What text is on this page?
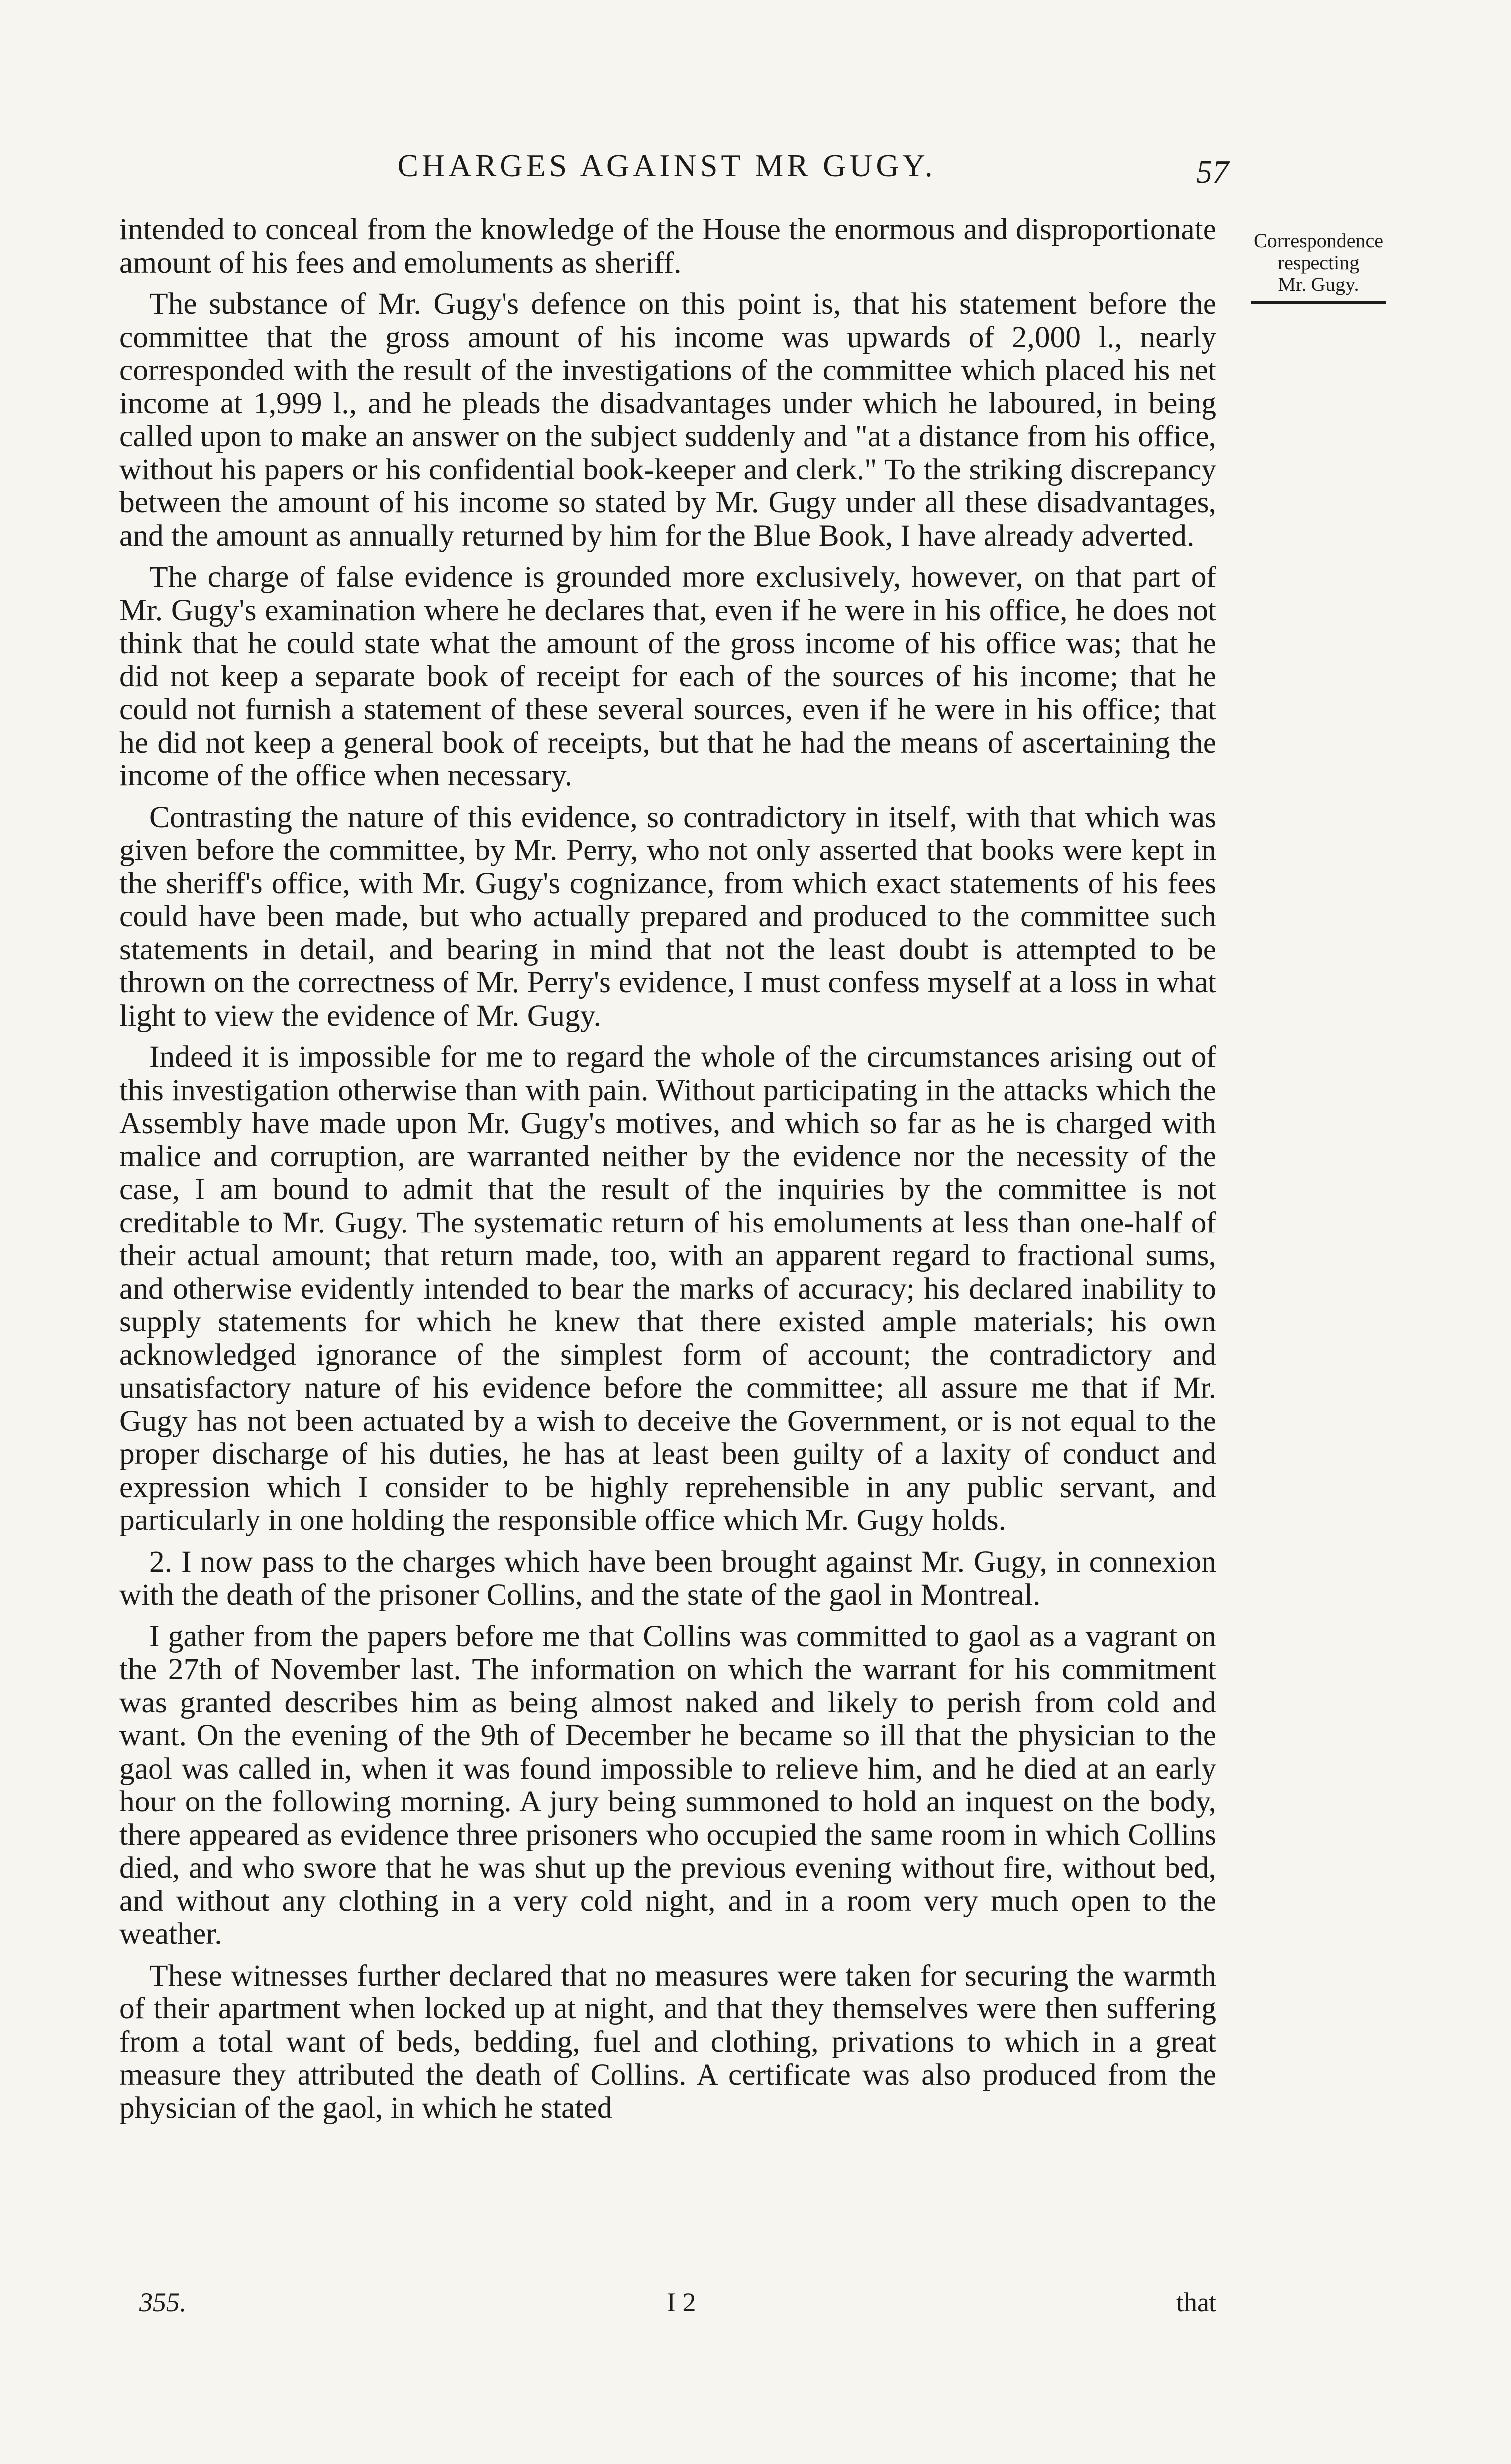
CHARGES AGAINST MR GUGY.	57
Correspondence
respecting
Mr. Gugy.

intended to conceal from the knowledge of the House the enormous and disproportionate amount of his fees and emoluments as sheriff.

The substance of Mr. Gugy's defence on this point is, that his statement before the committee that the gross amount of his income was upwards of 2,000 l., nearly corresponded with the result of the investigations of the committee which placed his net income at 1,999 l., and he pleads the disadvantages under which he laboured, in being called upon to make an answer on the subject suddenly and "at a distance from his office, without his papers or his confidential book-keeper and clerk." To the striking discrepancy between the amount of his income so stated by Mr. Gugy under all these disadvantages, and the amount as annually returned by him for the Blue Book, I have already adverted.

The charge of false evidence is grounded more exclusively, however, on that part of Mr. Gugy's examination where he declares that, even if he were in his office, he does not think that he could state what the amount of the gross income of his office was; that he did not keep a separate book of receipt for each of the sources of his income; that he could not furnish a statement of these several sources, even if he were in his office; that he did not keep a general book of receipts, but that he had the means of ascertaining the income of the office when necessary.

Contrasting the nature of this evidence, so contradictory in itself, with that which was given before the committee, by Mr. Perry, who not only asserted that books were kept in the sheriff's office, with Mr. Gugy's cognizance, from which exact statements of his fees could have been made, but who actually prepared and produced to the committee such statements in detail, and bearing in mind that not the least doubt is attempted to be thrown on the correctness of Mr. Perry's evidence, I must confess myself at a loss in what light to view the evidence of Mr. Gugy.

Indeed it is impossible for me to regard the whole of the circumstances arising out of this investigation otherwise than with pain. Without participating in the attacks which the Assembly have made upon Mr. Gugy's motives, and which so far as he is charged with malice and corruption, are warranted neither by the evidence nor the necessity of the case, I am bound to admit that the result of the inquiries by the committee is not creditable to Mr. Gugy. The systematic return of his emoluments at less than one-half of their actual amount; that return made, too, with an apparent regard to fractional sums, and otherwise evidently intended to bear the marks of accuracy; his declared inability to supply statements for which he knew that there existed ample materials; his own acknowledged ignorance of the simplest form of account; the contradictory and unsatisfactory nature of his evidence before the committee; all assure me that if Mr. Gugy has not been actuated by a wish to deceive the Government, or is not equal to the proper discharge of his duties, he has at least been guilty of a laxity of conduct and expression which I consider to be highly reprehensible in any public servant, and particularly in one holding the responsible office which Mr. Gugy holds.

2. I now pass to the charges which have been brought against Mr. Gugy, in connexion with the death of the prisoner Collins, and the state of the gaol in Montreal.

I gather from the papers before me that Collins was committed to gaol as a vagrant on the 27th of November last. The information on which the warrant for his commitment was granted describes him as being almost naked and likely to perish from cold and want. On the evening of the 9th of December he became so ill that the physician to the gaol was called in, when it was found impossible to relieve him, and he died at an early hour on the following morning. A jury being summoned to hold an inquest on the body, there appeared as evidence three prisoners who occupied the same room in which Collins died, and who swore that he was shut up the previous evening without fire, without bed, and without any clothing in a very cold night, and in a room very much open to the weather.

These witnesses further declared that no measures were taken for securing the warmth of their apartment when locked up at night, and that they themselves were then suffering from a total want of beds, bedding, fuel and clothing, privations to which in a great measure they attributed the death of Collins. A certificate was also produced from the physician of the gaol, in which he stated

355.	I 2	that
